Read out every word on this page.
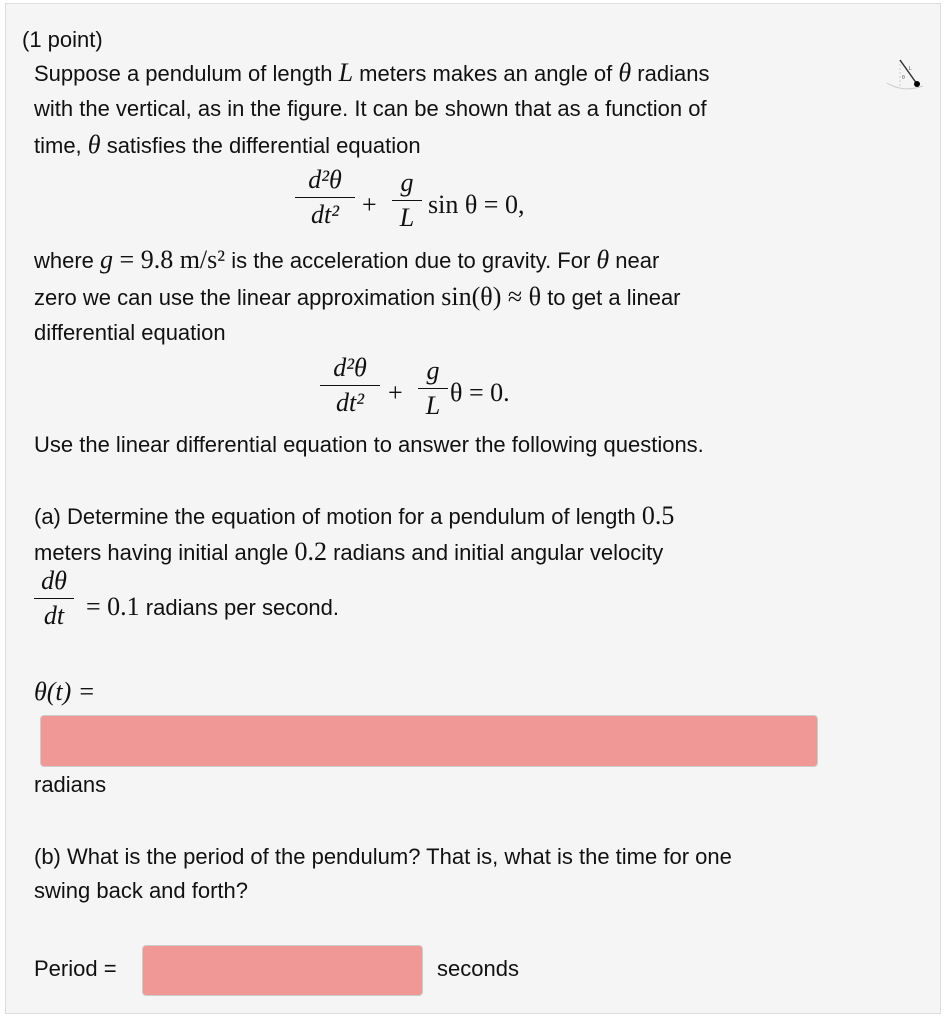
(1 point)
L
θ
Suppose a pendulum of length L meters makes an angle of θ radians
with the vertical, as in the figure. It can be shown that as a function of
time, θ satisfies the differential equation
d²θ
dt² +
g
L sin θ = 0,
where g = 9.8 m/s² is the acceleration due to gravity. For θ near
zero we can use the linear approximation sin(θ) ≈ θ to get a linear
differential equation
d²θ
dt² +
g
L θ = 0.
Use the linear differential equation to answer the following questions.
(a) Determine the equation of motion for a pendulum of length 0.5
meters having initial angle 0.2 radians and initial angular velocity
dθ
dt = 0.1 radians per second.
θ(t) =
radians
(b) What is the period of the pendulum? That is, what is the time for one
swing back and forth?
Period =	seconds
